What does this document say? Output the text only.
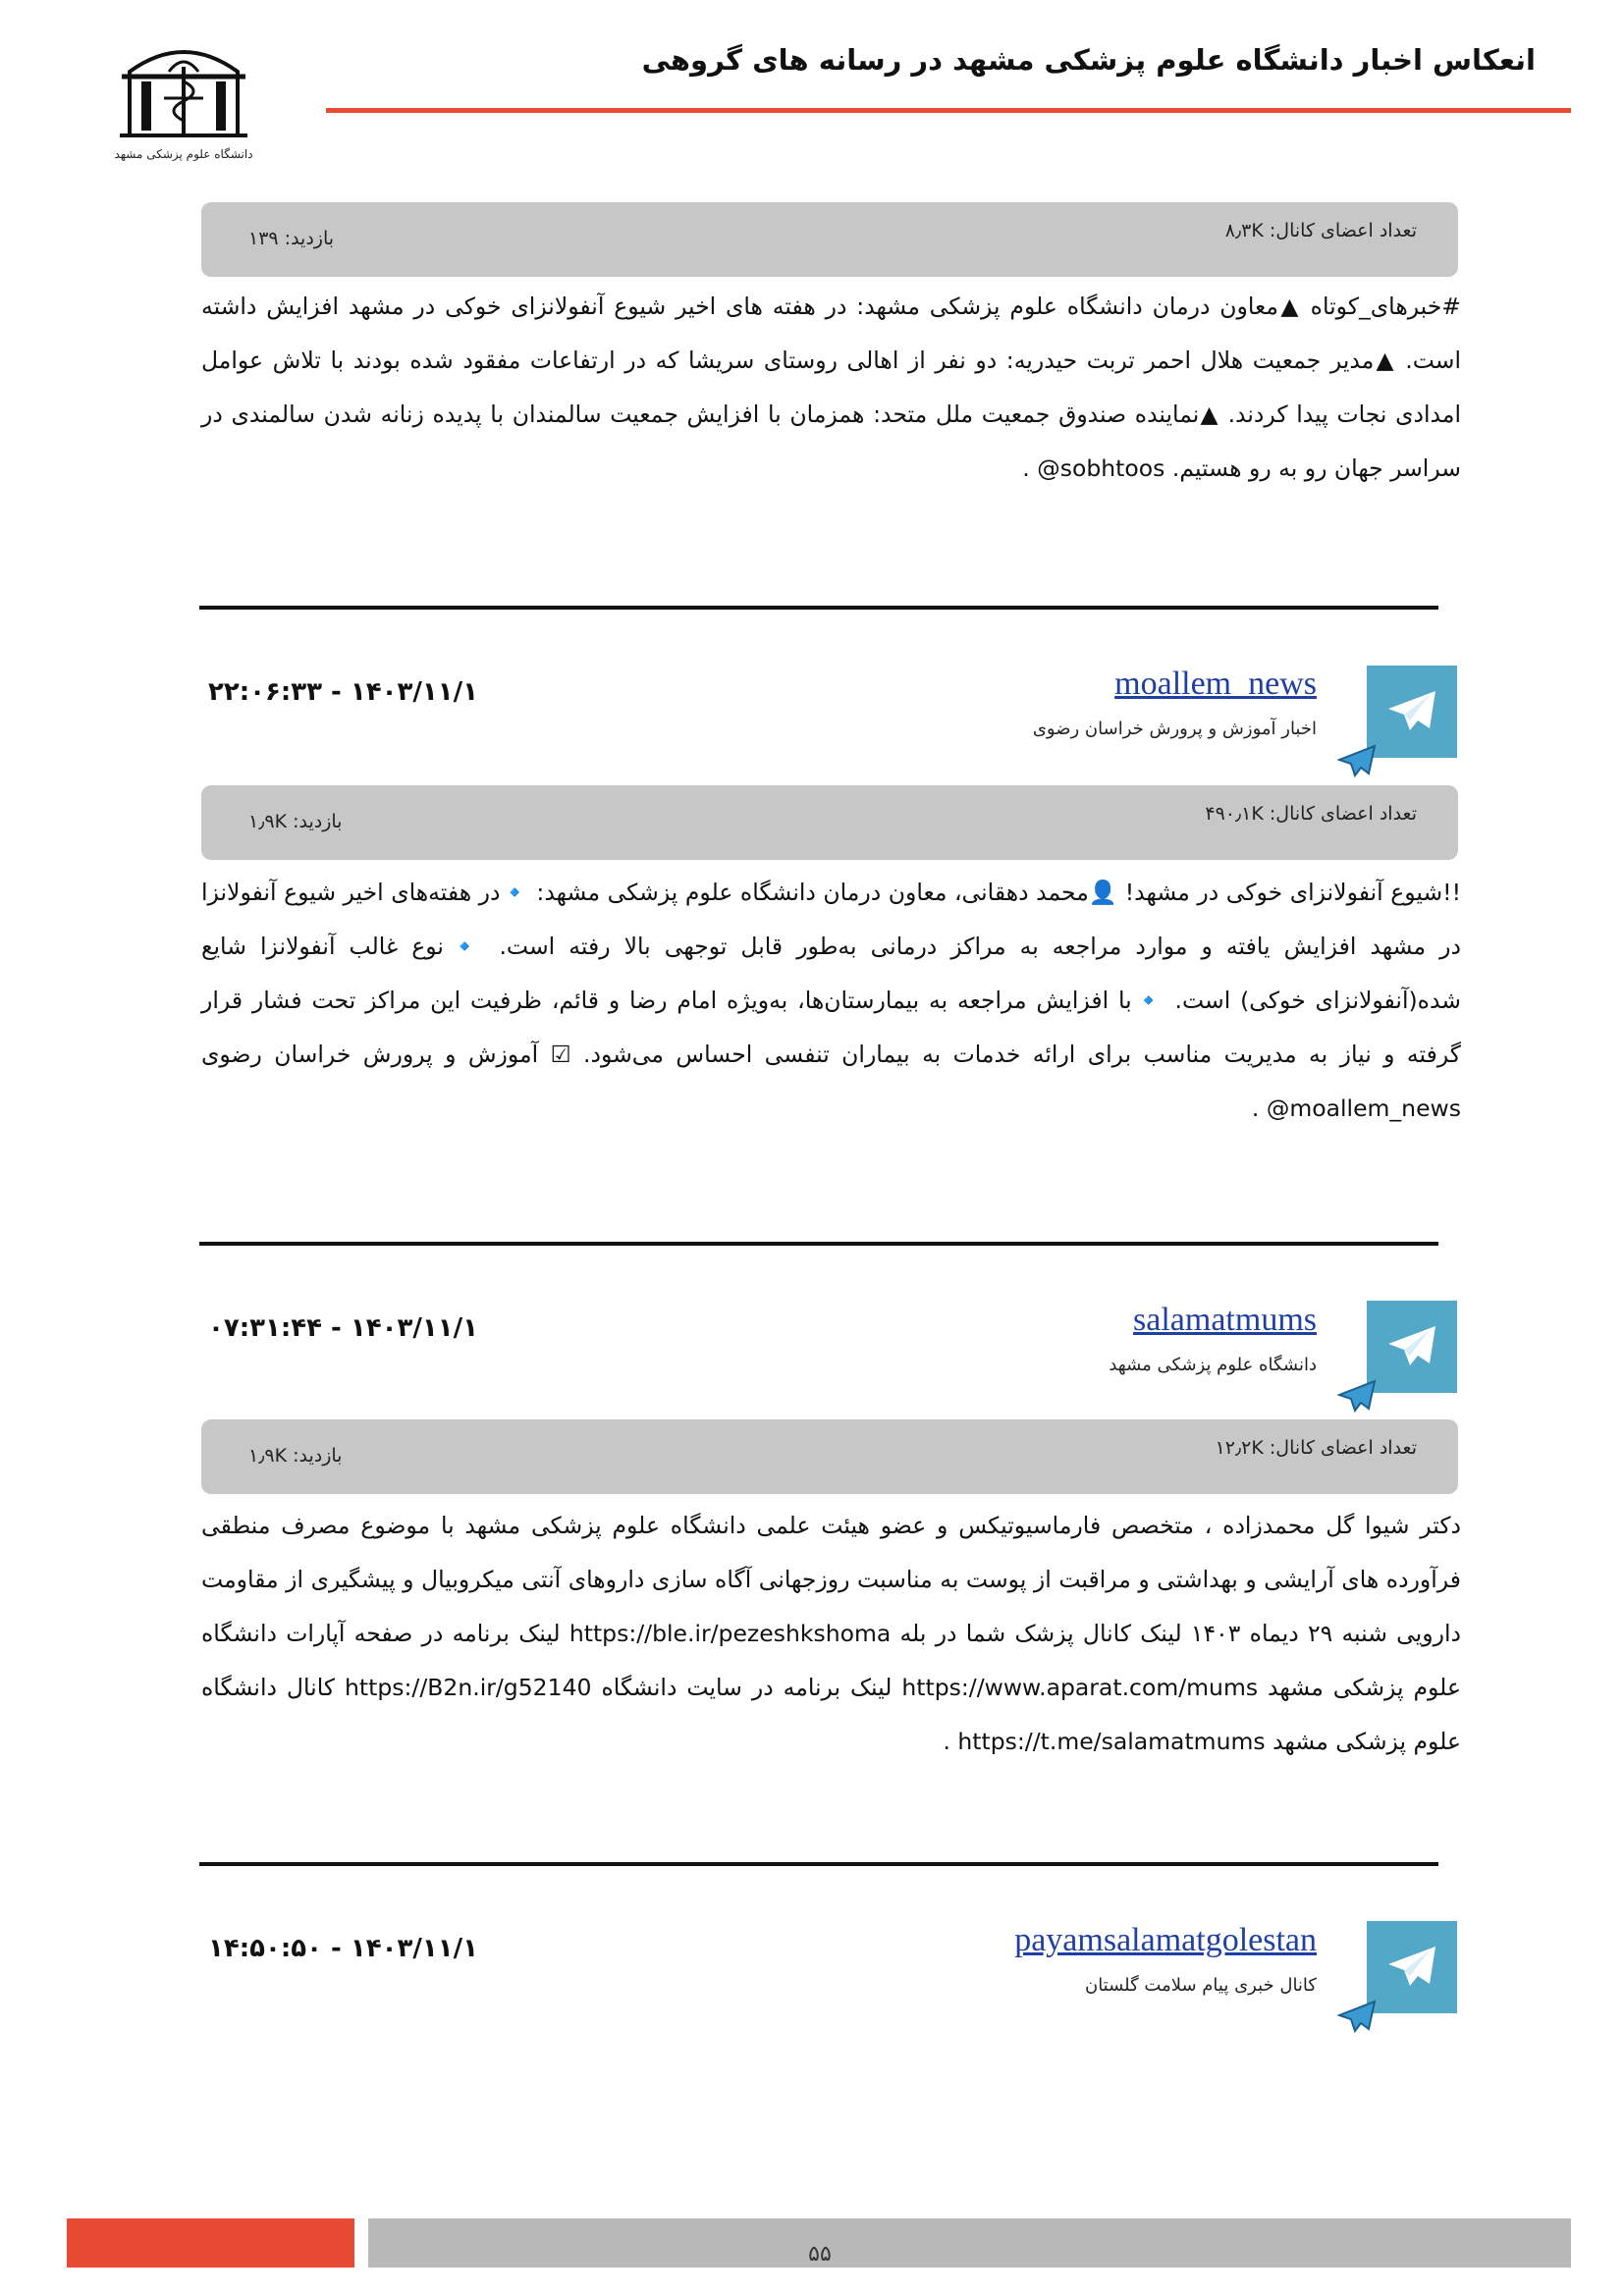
دانشگاه علوم پزشکی مشهد
انعکاس اخبار دانشگاه علوم پزشکی مشهد در رسانه های گروهی
تعداد اعضای کانال: ۸٫۳K
بازدید: ۱۳۹
#خبرهای_کوتاه ▲معاون درمان دانشگاه علوم پزشکی مشهد: در هفته های اخیر شیوع آنفولانزای خوکی در مشهد افزایش داشته است. ▲مدیر جمعیت هلال احمر تربت حیدریه: دو نفر از اهالی روستای سریشا که در ارتفاعات مفقود شده بودند با تلاش عوامل امدادی نجات پیدا کردند. ▲نماینده صندوق جمعیت ملل متحد: همزمان با افزایش جمعیت سالمندان با پدیده زنانه شدن سالمندی در سراسر جهان رو به رو هستیم. sobhtoos@ .
moallem_news
اخبار آموزش و پرورش خراسان رضوی
۲۲:۰۶:۳۳ - ۱۴۰۳/۱۱/۱
تعداد اعضای کانال: ۴۹۰٫۱K
بازدید: ۱٫۹K
!!شیوع آنفولانزای خوکی در مشهد! 👤محمد دهقانی، معاون درمان دانشگاه علوم پزشکی مشهد: 🔹در هفته‌های اخیر شیوع آنفولانزا در مشهد افزایش یافته و موارد مراجعه به مراکز درمانی به‌طور قابل توجهی بالا رفته است. 🔹نوع غالب آنفولانزا شایع شده(آنفولانزای خوکی) است. 🔹با افزایش مراجعه به بیمارستان‌ها، به‌ویژه امام رضا و قائم، ظرفیت این مراکز تحت فشار قرار گرفته و نیاز به مدیریت مناسب برای ارائه خدمات به بیماران تنفسی احساس می‌شود. ☑ آموزش و پرورش خراسان رضوی moallem_news@ .
salamatmums
دانشگاه علوم پزشکی مشهد
۰۷:۳۱:۴۴ - ۱۴۰۳/۱۱/۱
تعداد اعضای کانال: ۱۲٫۲K
بازدید: ۱٫۹K
دکتر شیوا گل محمدزاده ، متخصص فارماسیوتیکس و عضو هیئت علمی دانشگاه علوم پزشکی مشهد با موضوع مصرف منطقی فرآورده های آرایشی و بهداشتی و مراقبت از پوست به مناسبت روزجهانی آگاه سازی داروهای آنتی میکروبیال و پیشگیری از مقاومت دارویی شنبه ۲۹ دیماه ۱۴۰۳ لینک کانال پزشک شما در بله https://ble.ir/pezeshkshoma لینک برنامه در صفحه آپارات دانشگاه علوم پزشکی مشهد https://www.aparat.com/mums لینک برنامه در سایت دانشگاه https://B2n.ir/g52140 کانال دانشگاه علوم پزشکی مشهد https://t.me/salamatmums .
payamsalamatgolestan
کانال خبری پیام سلامت گلستان
۱۴:۵۰:۵۰ - ۱۴۰۳/۱۱/۱
۵۵
